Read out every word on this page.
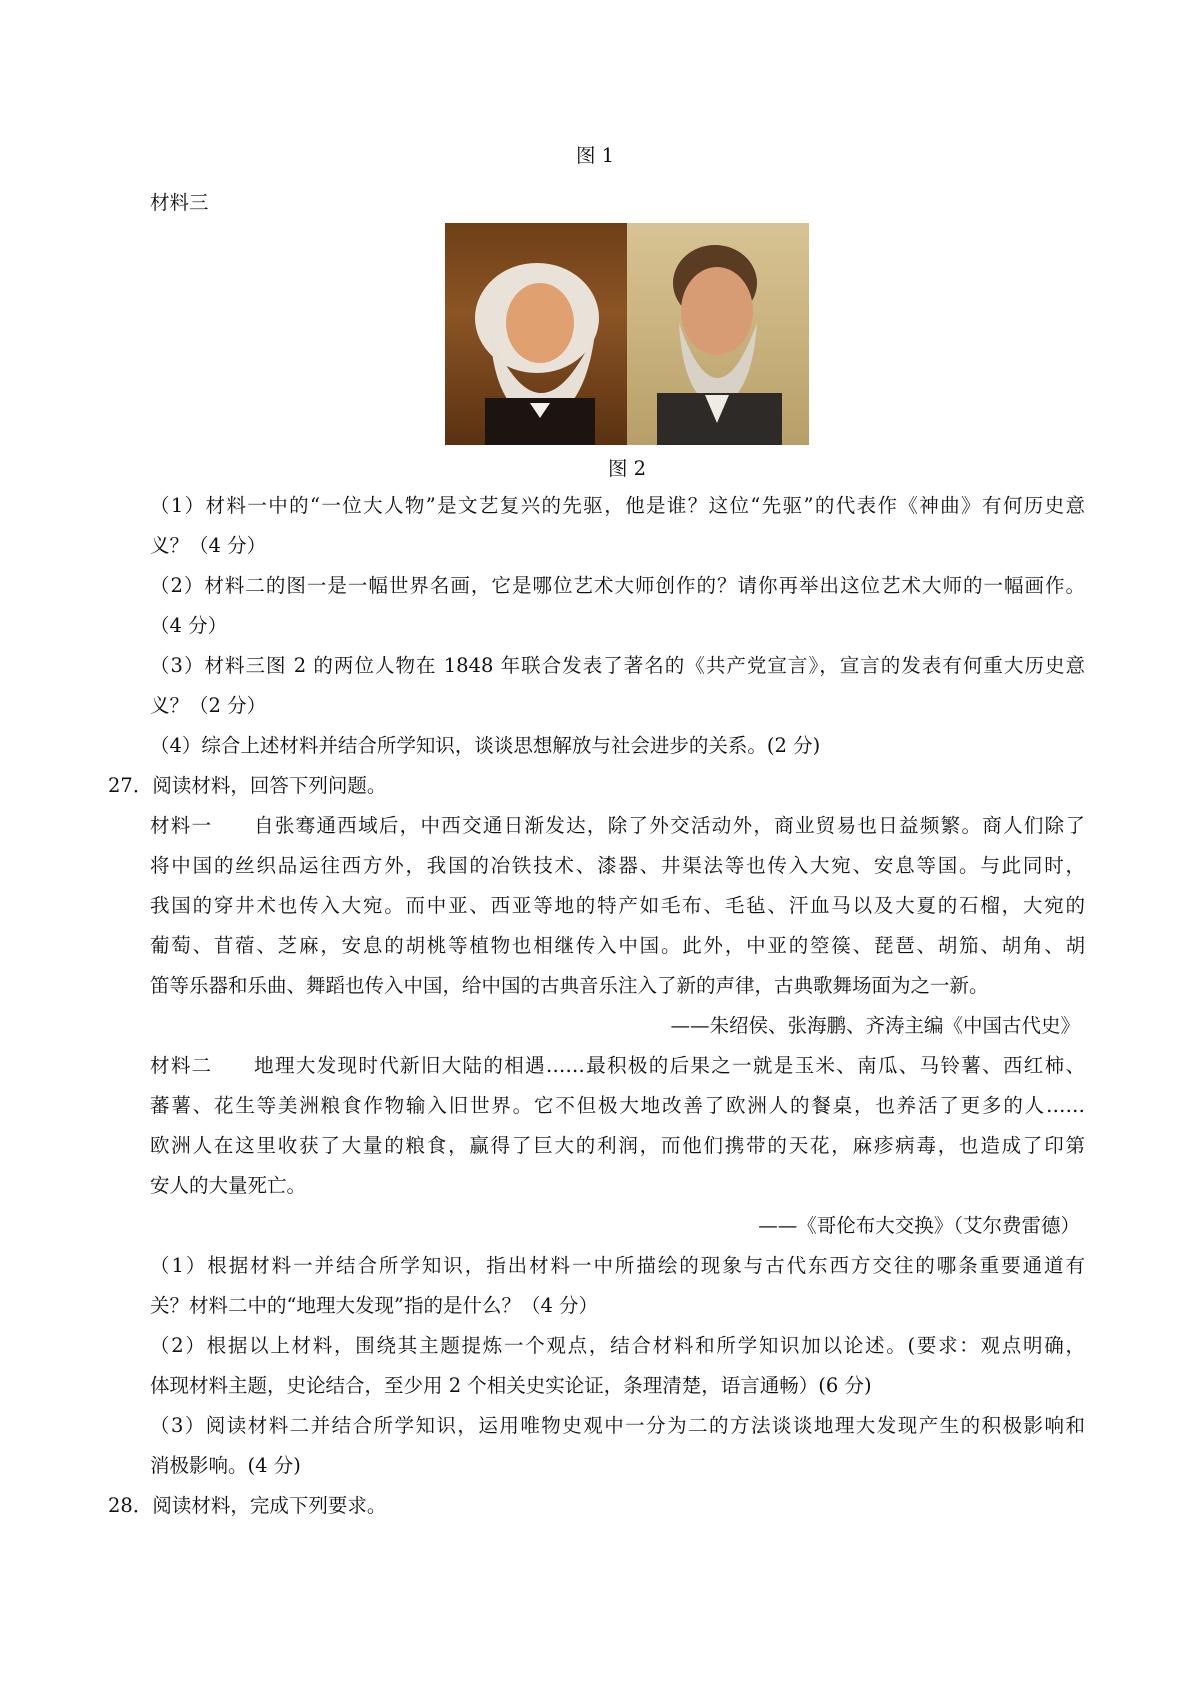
图 1
材料三
图 2
（1）材料一中的“一位大人物”是文艺复兴的先驱，他是谁？这位“先驱”的代表作《神曲》有何历史意
义？（4 分）
（2）材料二的图一是一幅世界名画，它是哪位艺术大师创作的？请你再举出这位艺术大师的一幅画作。
（4 分）
（3）材料三图 2 的两位人物在 1848 年联合发表了著名的《共产党宣言》，宣言的发表有何重大历史意
义？（2 分）
（4）综合上述材料并结合所学知识，谈谈思想解放与社会进步的关系。(2 分)
27．阅读材料，回答下列问题。
材料一　　自张骞通西域后，中西交通日渐发达，除了外交活动外，商业贸易也日益频繁。商人们除了
将中国的丝织品运往西方外，我国的冶铁技术、漆器、井渠法等也传入大宛、安息等国。与此同时，
我国的穿井术也传入大宛。而中亚、西亚等地的特产如毛布、毛毡、汗血马以及大夏的石榴，大宛的
葡萄、苜蓿、芝麻，安息的胡桃等植物也相继传入中国。此外，中亚的箜篌、琵琶、胡笳、胡角、胡
笛等乐器和乐曲、舞蹈也传入中国，给中国的古典音乐注入了新的声律，古典歌舞场面为之一新。
——朱绍侯、张海鹏、齐涛主编《中国古代史》
材料二　　地理大发现时代新旧大陆的相遇……最积极的后果之一就是玉米、南瓜、马铃薯、西红柿、
蕃薯、花生等美洲粮食作物输入旧世界。它不但极大地改善了欧洲人的餐桌，也养活了更多的人……
欧洲人在这里收获了大量的粮食，赢得了巨大的利润，而他们携带的天花，麻疹病毒，也造成了印第
安人的大量死亡。
——《哥伦布大交换》（艾尔费雷德）
（1）根据材料一并结合所学知识，指出材料一中所描绘的现象与古代东西方交往的哪条重要通道有
关？材料二中的“地理大发现”指的是什么？（4 分）
（2）根据以上材料，围绕其主题提炼一个观点，结合材料和所学知识加以论述。(要求：观点明确，
体现材料主题，史论结合，至少用 2 个相关史实论证，条理清楚，语言通畅）(6 分)
（3）阅读材料二并结合所学知识，运用唯物史观中一分为二的方法谈谈地理大发现产生的积极影响和
消极影响。(4 分)
28．阅读材料，完成下列要求。
